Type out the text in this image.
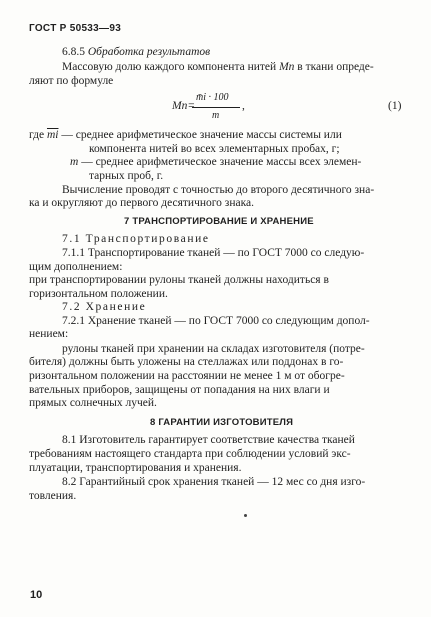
ГОСТ Р 50533—93
6.8.5 Обработка результатов
Массовую долю каждого компонента нитей Mn в ткани опреде-
ляют по формуле
Mп=
m̄i · 100
m
,	(1)
где $\overline{mi}$ — среднее арифметическое значение массы системы или
компонента нитей во всех элементарных пробах, г;
m — среднее арифметическое значение массы всех элемен-
тарных проб, г.
Вычисление проводят с точностью до второго десятичного зна-
ка и округляют до первого десятичного знака.
7 ТРАНСПОРТИРОВАНИЕ И ХРАНЕНИЕ
7.1 Транспортирование
7.1.1 Транспортирование тканей — по ГОСТ 7000 со следую-
щим дополнением:
при транспортировании рулоны тканей должны находиться в
горизонтальном положении.
7.2 Хранение
7.2.1 Хранение тканей — по ГОСТ 7000 со следующим допол-
нением:
рулоны тканей при хранении на складах изготовителя (потре-
бителя) должны быть уложены на стеллажах или поддонах в го-
ризонтальном положении на расстоянии не менее 1 м от обогре-
вательных приборов, защищены от попадания на них влаги и
прямых солнечных лучей.
8 ГАРАНТИИ ИЗГОТОВИТЕЛЯ
8.1 Изготовитель гарантирует соответствие качества тканей
требованиям настоящего стандарта при соблюдении условий экс-
плуатации, транспортирования и хранения.
8.2 Гарантийный срок хранения тканей — 12 мес со дня изго-
товления.
10
